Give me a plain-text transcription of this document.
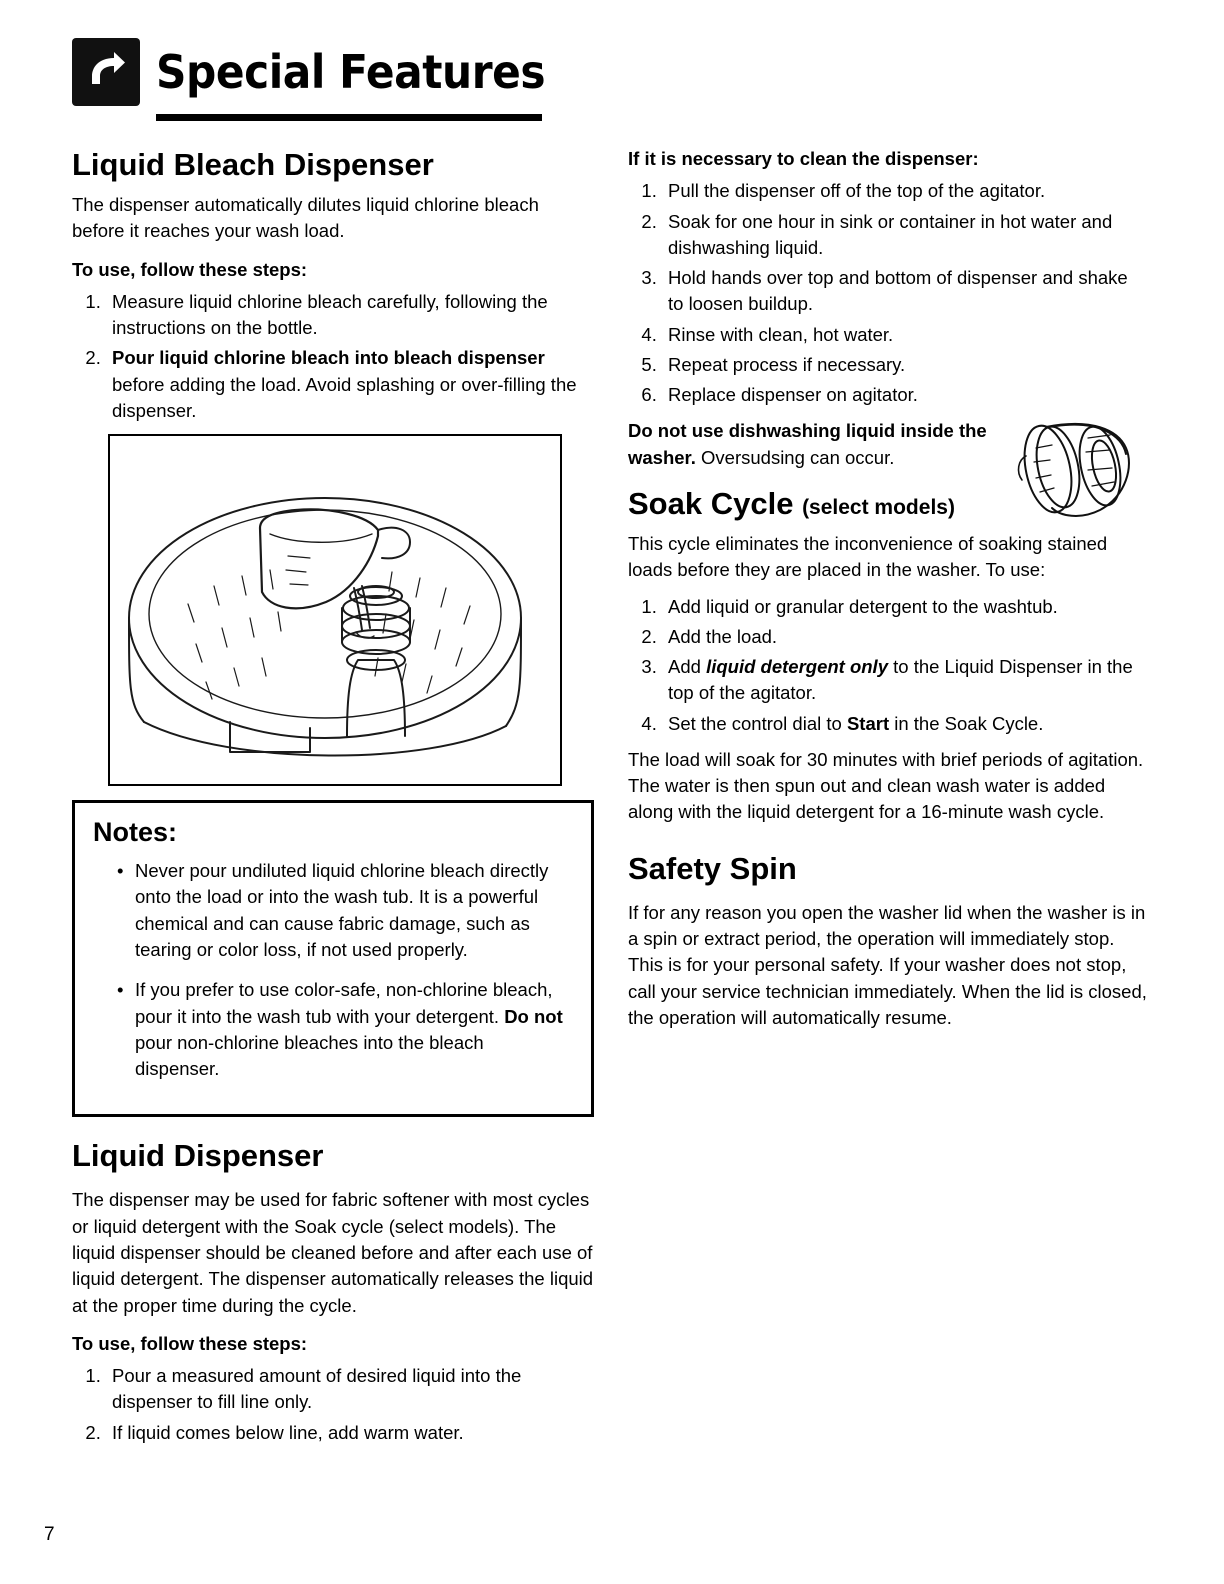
Special Features
Liquid Bleach Dispenser

The dispenser automatically dilutes liquid chlorine bleach before it reaches your wash load.

To use, follow these steps:

1. Measure liquid chlorine bleach carefully, following the instructions on the bottle.
2. Pour liquid chlorine bleach into bleach dispenser before adding the load. Avoid splashing or over-filling the dispenser.
Notes:
• Never pour undiluted liquid chlorine bleach directly onto the load or into the wash tub. It is a powerful chemical and can cause fabric damage, such as tearing or color loss, if not used properly.
• If you prefer to use color-safe, non-chlorine bleach, pour it into the wash tub with your detergent. Do not pour non-chlorine bleaches into the bleach dispenser.
Liquid Dispenser

The dispenser may be used for fabric softener with most cycles or liquid detergent with the Soak cycle (select models). The liquid dispenser should be cleaned before and after each use of liquid detergent. The dispenser automatically releases the liquid at the proper time during the cycle.

To use, follow these steps:

1. Pour a measured amount of desired liquid into the dispenser to fill line only.
2. If liquid comes below line, add warm water.

If it is necessary to clean the dispenser:

1. Pull the dispenser off of the top of the agitator.
2. Soak for one hour in sink or container in hot water and dishwashing liquid.
3. Hold hands over top and bottom of dispenser and shake to loosen buildup.
4. Rinse with clean, hot water.
5. Repeat process if necessary.
6. Replace dispenser on agitator.

Do not use dishwashing liquid inside the washer. Oversudsing can occur.

Soak Cycle (select models)

This cycle eliminates the inconvenience of soaking stained loads before they are placed in the washer. To use:

1. Add liquid or granular detergent to the washtub.
2. Add the load.
3. Add liquid detergent only to the Liquid Dispenser in the top of the agitator.
4. Set the control dial to Start in the Soak Cycle.

The load will soak for 30 minutes with brief periods of agitation. The water is then spun out and clean wash water is added along with the liquid detergent for a 16-minute wash cycle.

Safety Spin

If for any reason you open the washer lid when the washer is in a spin or extract period, the operation will immediately stop. This is for your personal safety. If your washer does not stop, call your service technician immediately. When the lid is closed, the operation will automatically resume.

7
